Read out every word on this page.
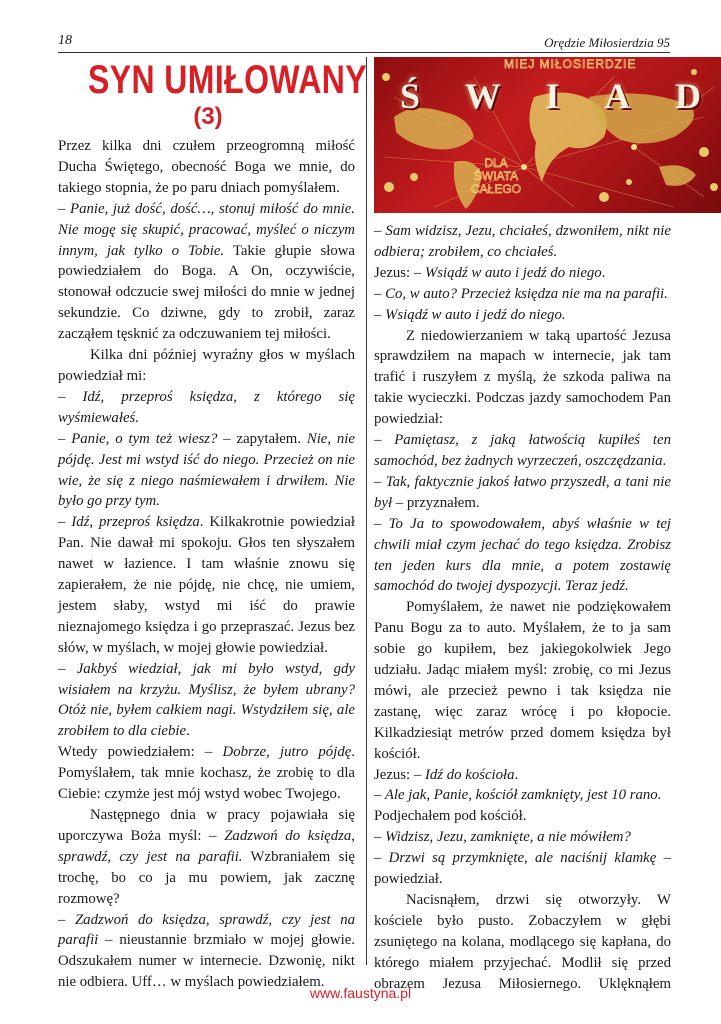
18	Orędzie Miłosierdzia 95
SYN UMIŁOWANY
(3)

Przez kilka dni czułem przeogromną miłość Ducha Świętego, obecność Boga we mnie, do takiego stopnia, że po paru dniach pomyślałem.

– Panie, już dość, dość…, stonuj miłość do mnie. Nie mogę się skupić, pracować, myśleć o niczym innym, jak tylko o Tobie. Takie głupie słowa powiedziałem do Boga. A On, oczywiście, stonował odczucie swej miłości do mnie w jednej sekundzie. Co dziwne, gdy to zrobił, zaraz zacząłem tęsknić za odczuwaniem tej miłości.

Kilka dni później wyraźny głos w myślach powiedział mi:

– Idź, przeproś księdza, z którego się wyśmiewałeś.

– Panie, o tym też wiesz? – zapytałem. Nie, nie pójdę. Jest mi wstyd iść do niego. Przecież on nie wie, że się z niego naśmiewałem i drwiłem. Nie było go przy tym.

– Idź, przeproś księdza. Kilkakrotnie powiedział Pan. Nie dawał mi spokoju. Głos ten słyszałem nawet w łazience. I tam właśnie znowu się zapierałem, że nie pójdę, nie chcę, nie umiem, jestem słaby, wstyd mi iść do prawie nieznajomego księdza i go przepraszać. Jezus bez słów, w myślach, w mojej głowie powiedział.

– Jakbyś wiedział, jak mi było wstyd, gdy wisiałem na krzyżu. Myślisz, że byłem ubrany? Otóż nie, byłem całkiem nagi. Wstydziłem się, ale zrobiłem to dla ciebie.

Wtedy powiedziałem: – Dobrze, jutro pójdę. Pomyślałem, tak mnie kochasz, że zrobię to dla Ciebie: czymże jest mój wstyd wobec Twojego.

Następnego dnia w pracy pojawiała się uporczywa Boża myśl: – Zadzwoń do księdza, sprawdź, czy jest na parafii. Wzbraniałem się trochę, bo co ja mu powiem, jak zacznę rozmowę?

– Zadzwoń do księdza, sprawdź, czy jest na parafii – nieustannie brzmiało w mojej głowie. Odszukałem numer w internecie. Dzwonię, nikt nie odbiera. Uff… w myślach powiedziałem.

MIEJ MIŁOSIERDZIE
Ś W I A D
DLA
ŚWIATA
CAŁEGO

– Sam widzisz, Jezu, chciałeś, dzwoniłem, nikt nie odbiera; zrobiłem, co chciałeś.

Jezus: – Wsiądź w auto i jedź do niego.

– Co, w auto? Przecież księdza nie ma na parafii.

– Wsiądź w auto i jedź do niego.

Z niedowierzaniem w taką upartość Jezusa sprawdziłem na mapach w internecie, jak tam trafić i ruszyłem z myślą, że szkoda paliwa na takie wycieczki. Podczas jazdy samochodem Pan powiedział:

– Pamiętasz, z jaką łatwością kupiłeś ten samochód, bez żadnych wyrzeczeń, oszczędzania.

– Tak, faktycznie jakoś łatwo przyszedł, a tani nie był – przyznałem.

– To Ja to spowodowałem, abyś właśnie w tej chwili miał czym jechać do tego księdza. Zrobisz ten jeden kurs dla mnie, a potem zostawię samochód do twojej dyspozycji. Teraz jedź.

Pomyślałem, że nawet nie podziękowałem Panu Bogu za to auto. Myślałem, że to ja sam sobie go kupiłem, bez jakiegokolwiek Jego udziału. Jadąc miałem myśl: zrobię, co mi Jezus mówi, ale przecież pewno i tak księdza nie zastanę, więc zaraz wrócę i po kłopocie. Kilkadziesiąt metrów przed domem księdza był kościół.

Jezus: – Idź do kościoła.

– Ale jak, Panie, kościół zamknięty, jest 10 rano.

Podjechałem pod kościół.

– Widzisz, Jezu, zamknięte, a nie mówiłem?

– Drzwi są przymknięte, ale naciśnij klamkę – powiedział.

Nacisnąłem, drzwi się otworzyły. W kościele było pusto. Zobaczyłem w głębi zsuniętego na kolana, modlącego się kapłana, do którego miałem przyjechać. Modlił się przed obrazem Jezusa Miłosiernego. Uklęknąłem

www.faustyna.pl
